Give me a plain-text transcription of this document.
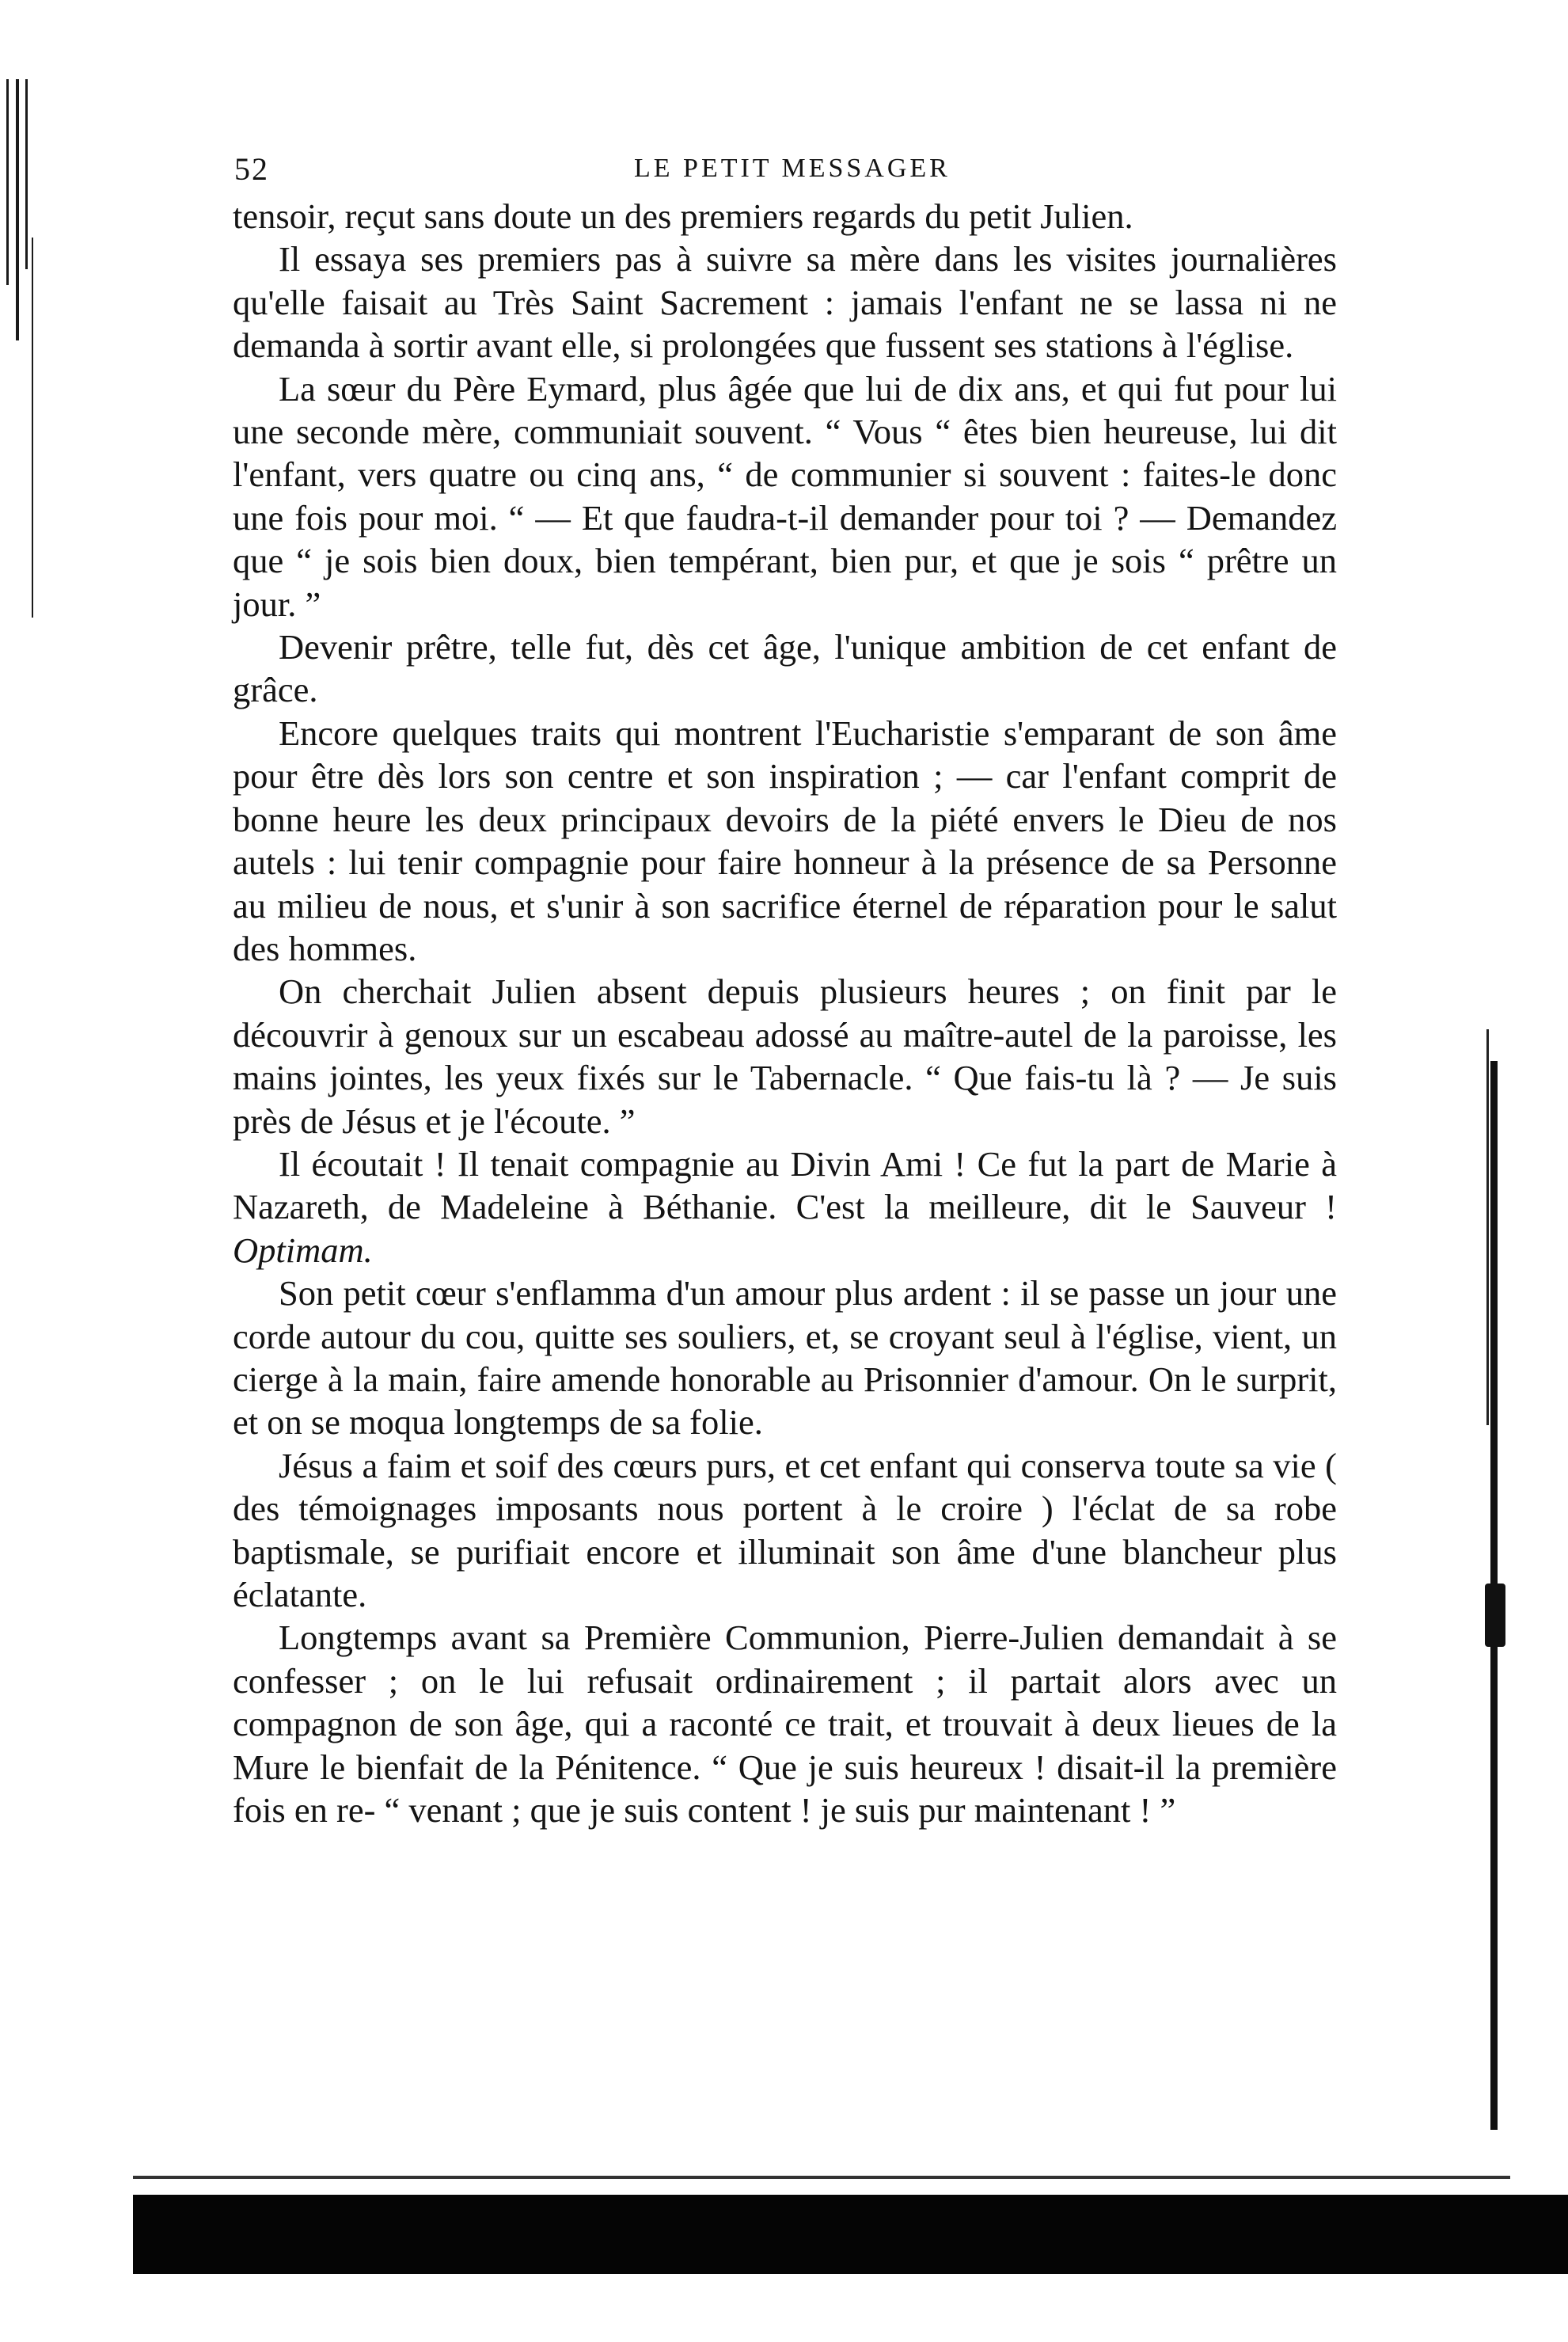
52	LE PETIT MESSAGER

tensoir, reçut sans doute un des premiers regards du petit Julien.

Il essaya ses premiers pas à suivre sa mère dans les visites journalières qu'elle faisait au Très Saint Sacrement : jamais l'enfant ne se lassa ni ne demanda à sortir avant elle, si prolongées que fussent ses stations à l'église.

La sœur du Père Eymard, plus âgée que lui de dix ans, et qui fut pour lui une seconde mère, communiait souvent. “ Vous “ êtes bien heureuse, lui dit l'enfant, vers quatre ou cinq ans, “ de communier si souvent : faites-le donc une fois pour moi. “ — Et que faudra-t-il demander pour toi ? — Demandez que “ je sois bien doux, bien tempérant, bien pur, et que je sois “ prêtre un jour. ”

Devenir prêtre, telle fut, dès cet âge, l'unique ambition de cet enfant de grâce.

Encore quelques traits qui montrent l'Eucharistie s'emparant de son âme pour être dès lors son centre et son inspiration ; — car l'enfant comprit de bonne heure les deux principaux devoirs de la piété envers le Dieu de nos autels : lui tenir compagnie pour faire honneur à la présence de sa Personne au milieu de nous, et s'unir à son sacrifice éternel de réparation pour le salut des hommes.

On cherchait Julien absent depuis plusieurs heures ; on finit par le découvrir à genoux sur un escabeau adossé au maître-autel de la paroisse, les mains jointes, les yeux fixés sur le Tabernacle. “ Que fais-tu là ? — Je suis près de Jésus et je l'écoute. ”

Il écoutait ! Il tenait compagnie au Divin Ami ! Ce fut la part de Marie à Nazareth, de Madeleine à Béthanie. C'est la meilleure, dit le Sauveur ! Optimam.

Son petit cœur s'enflamma d'un amour plus ardent : il se passe un jour une corde autour du cou, quitte ses souliers, et, se croyant seul à l'église, vient, un cierge à la main, faire amende honorable au Prisonnier d'amour. On le surprit, et on se moqua longtemps de sa folie.

Jésus a faim et soif des cœurs purs, et cet enfant qui conserva toute sa vie ( des témoignages imposants nous portent à le croire ) l'éclat de sa robe baptismale, se purifiait encore et illuminait son âme d'une blancheur plus éclatante.

Longtemps avant sa Première Communion, Pierre-Julien demandait à se confesser ; on le lui refusait ordinairement ; il partait alors avec un compagnon de son âge, qui a raconté ce trait, et trouvait à deux lieues de la Mure le bienfait de la Pénitence. “ Que je suis heureux ! disait-il la première fois en re- “ venant ; que je suis content ! je suis pur maintenant ! ”
